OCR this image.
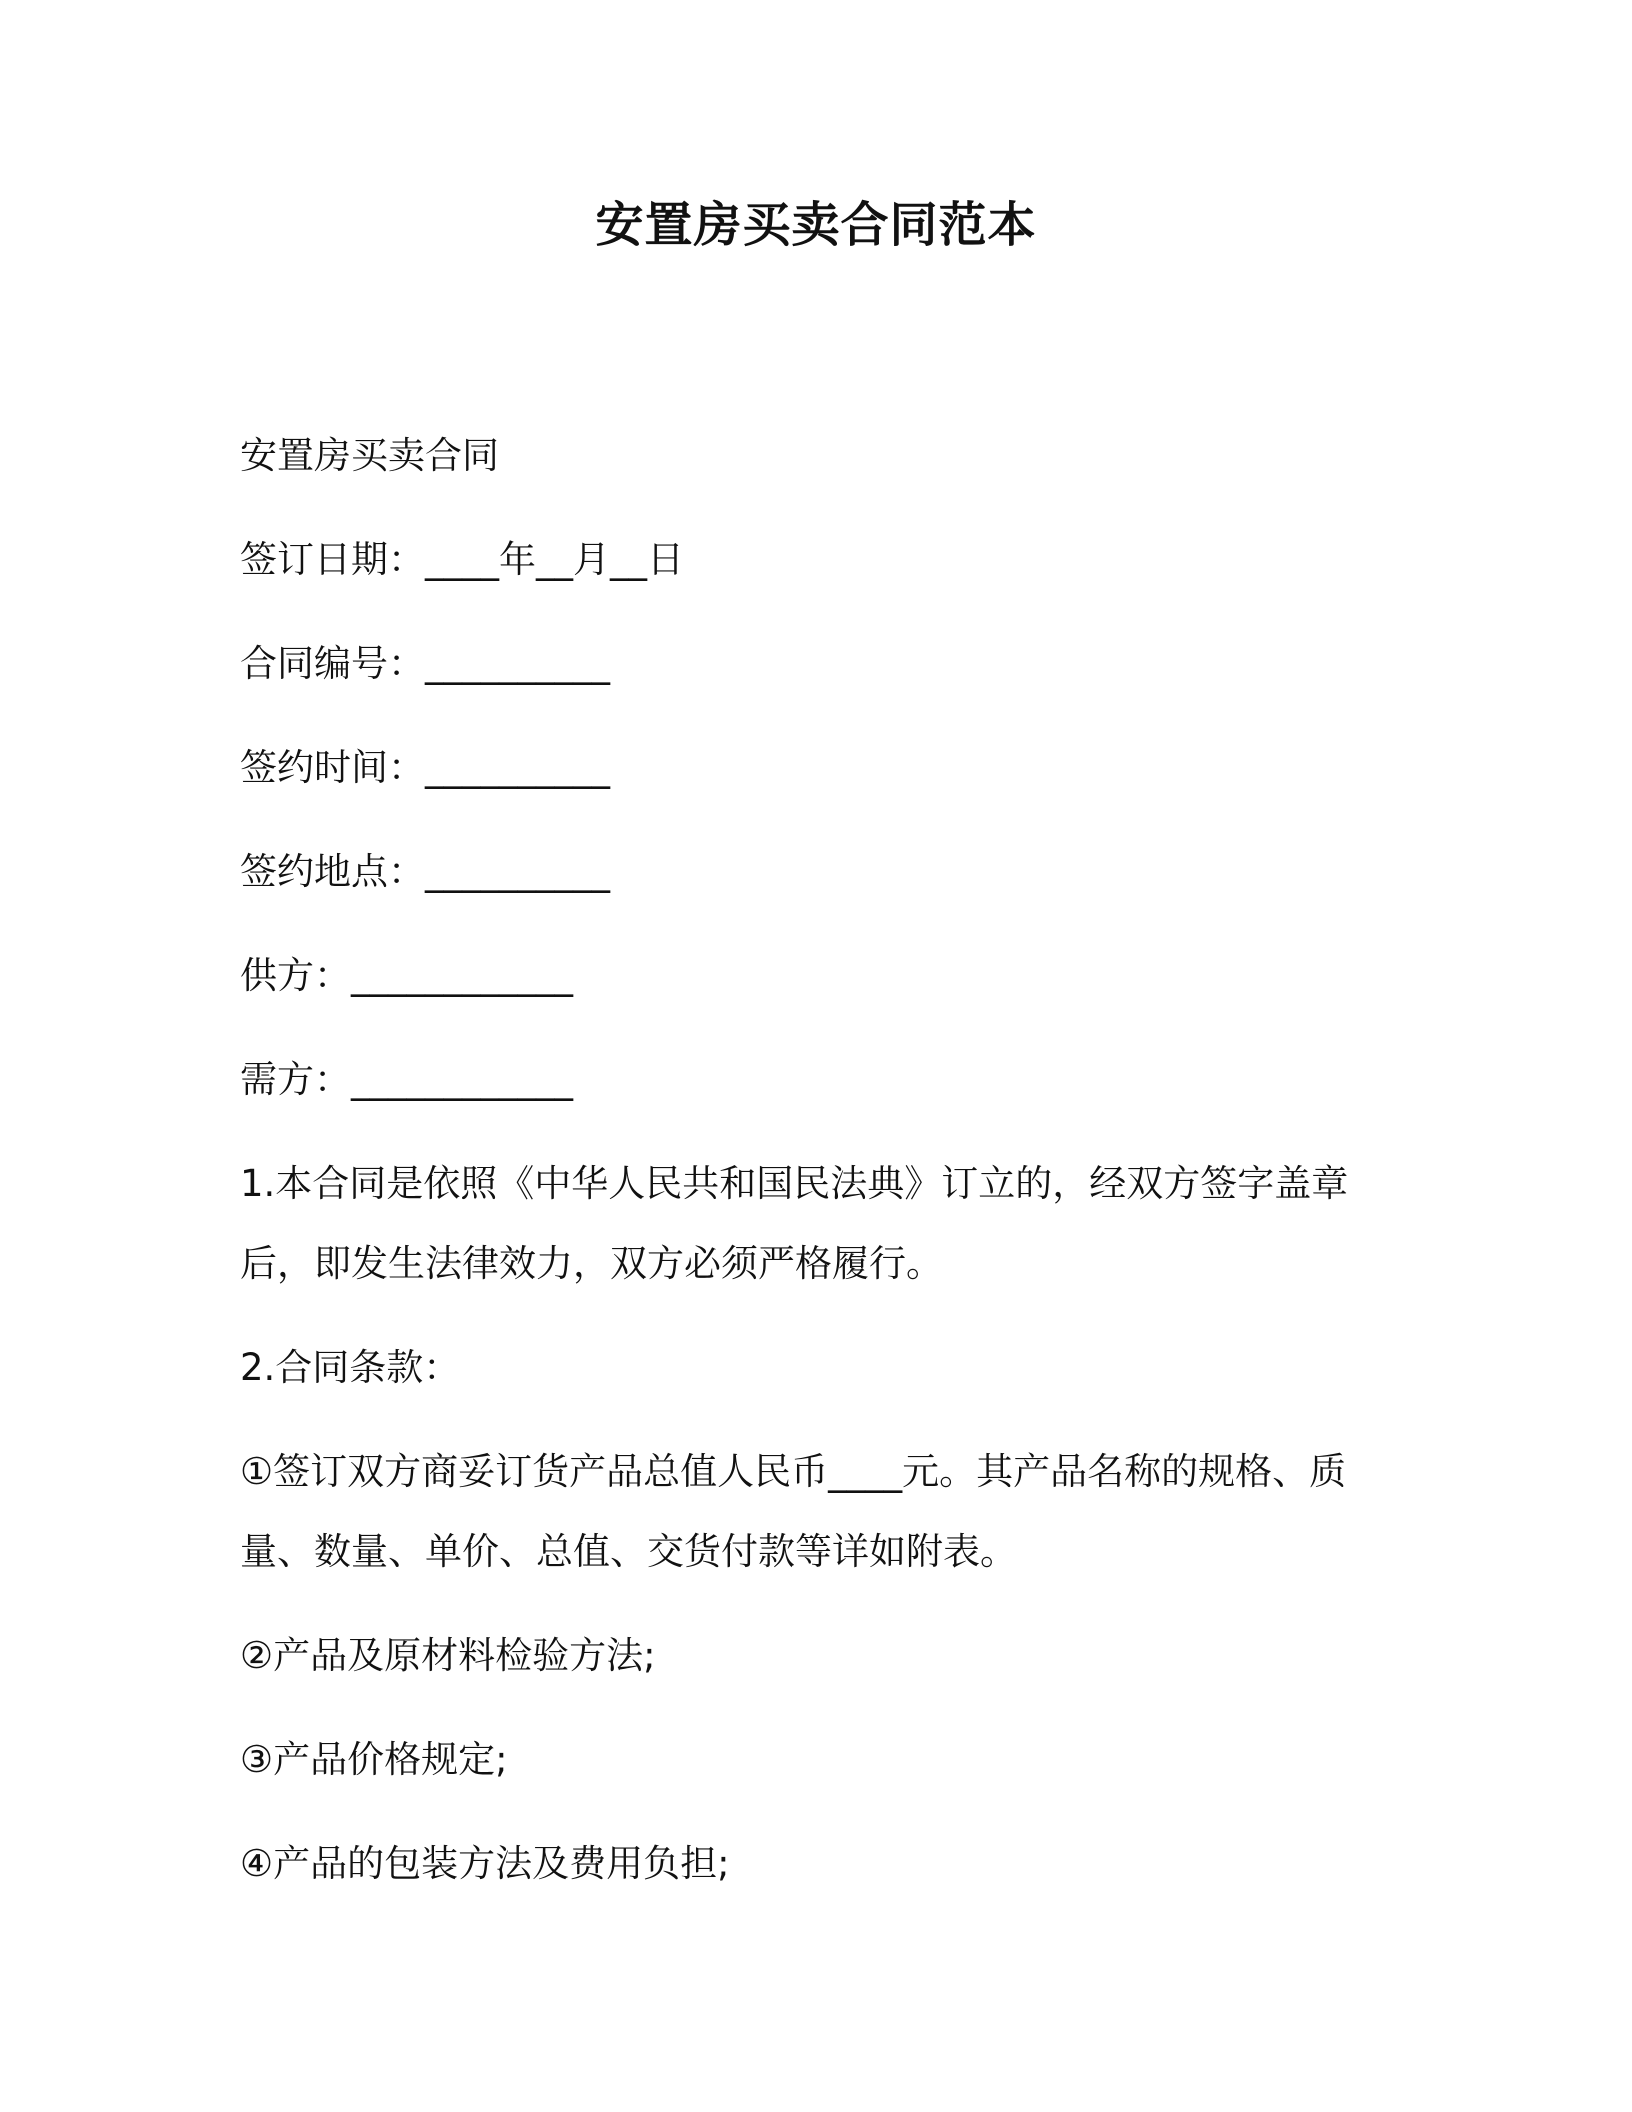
安置房买卖合同范本

安置房买卖合同

签订日期：____年__月__日

合同编号：__________

签约时间：__________

签约地点：__________

供方：____________

需方：____________

1.本合同是依照《中华人民共和国民法典》订立的，经双方签字盖章后，即发生法律效力，双方必须严格履行。

2.合同条款：

①签订双方商妥订货产品总值人民币____元。其产品名称的规格、质量、数量、单价、总值、交货付款等详如附表。

②产品及原材料检验方法;

③产品价格规定;

④产品的包装方法及费用负担;
